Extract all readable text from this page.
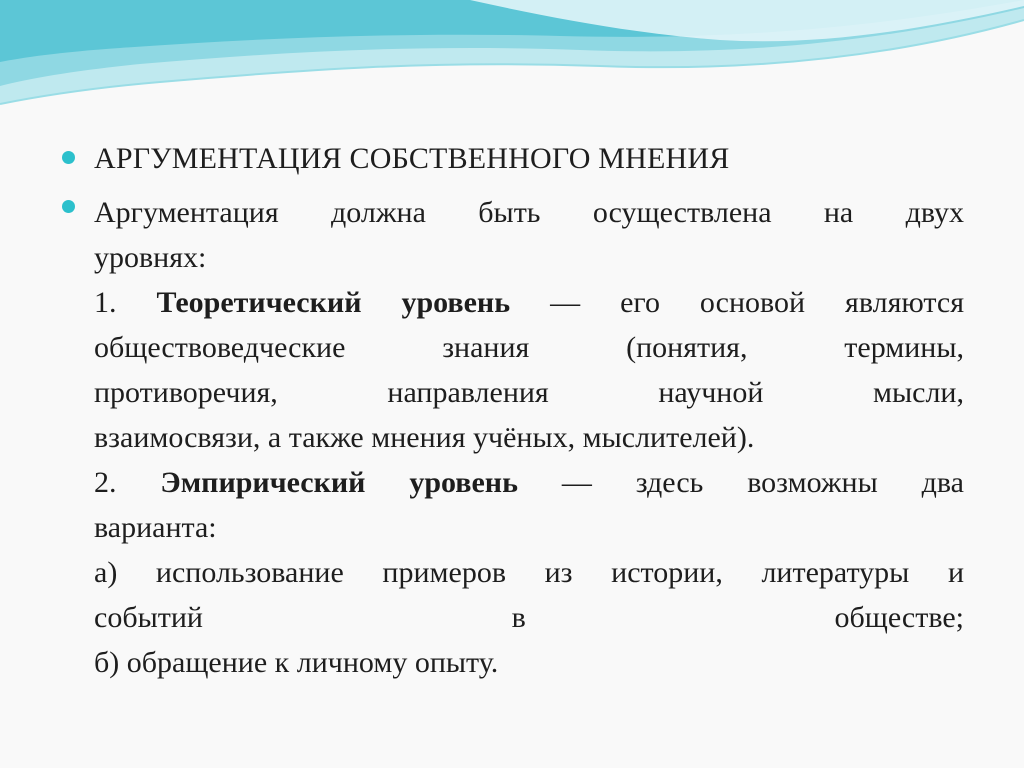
АРГУМЕНТАЦИЯ СОБСТВЕННОГО МНЕНИЯ
Аргументация должна быть осуществлена на двух
уровнях:
1. Теоретический уровень — его основой являются
обществоведческие знания (понятия, термины,
противоречия, направления научной мысли,
взаимосвязи, а также мнения учёных, мыслителей).
2. Эмпирический уровень — здесь возможны два
варианта:
а) использование примеров из истории, литературы и
событий	в	обществе;
б) обращение к личному опыту.
